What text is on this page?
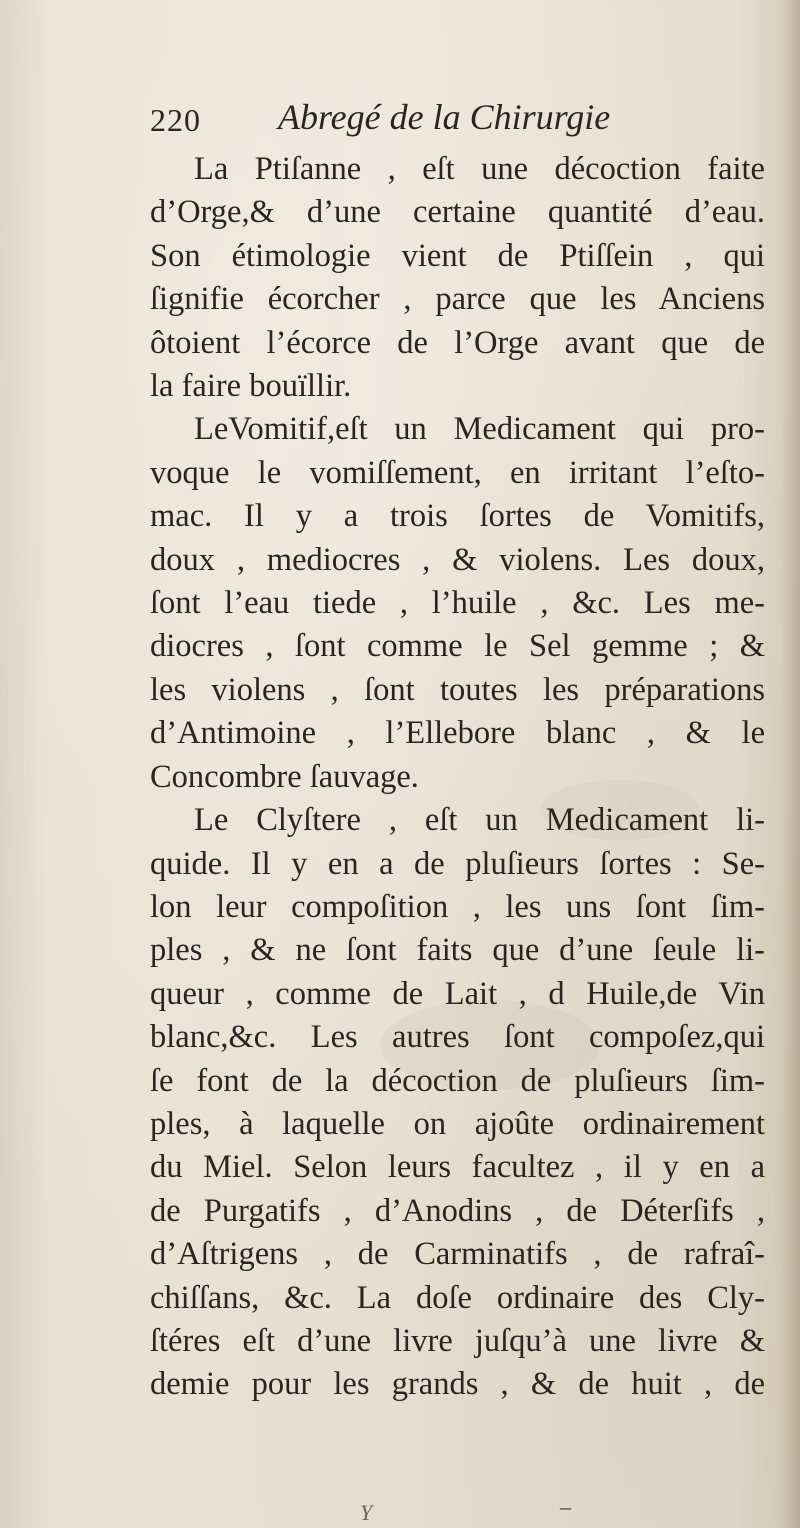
220 Abregé de la Chirurgie
La Ptiſanne , eſt une décoction faite
d’Orge,& d’une certaine quantité d’eau.
Son étimologie vient de Ptiſſein , qui
ſignifie écorcher , parce que les Anciens
ôtoient l’écorce de l’Orge avant que de
la faire bouïllir.
LeVomitif,eſt un Medicament qui pro-
voque le vomiſſement, en irritant l’eſto-
mac. Il y a trois ſortes de Vomitifs,
doux , mediocres , & violens. Les doux,
ſont l’eau tiede , l’huile , &c. Les me-
diocres , ſont comme le Sel gemme ; &
les violens , ſont toutes les préparations
d’Antimoine , l’Ellebore blanc , & le
Concombre ſauvage.
Le Clyſtere , eſt un Medicament li-
quide. Il y en a de pluſieurs ſortes : Se-
lon leur compoſition , les uns ſont ſim-
ples , & ne ſont faits que d’une ſeule li-
queur , comme de Lait , d Huile,de Vin
blanc,&c. Les autres ſont compoſez,qui
ſe font de la décoction de pluſieurs ſim-
ples, à laquelle on ajoûte ordinairement
du Miel. Selon leurs facultez , il y en a
de Purgatifs , d’Anodins , de Déterſifs ,
d’Aſtrigens , de Carminatifs , de rafraî-
chiſſans, &c. La doſe ordinaire des Cly-
ſtéres eſt d’une livre juſqu’à une livre &
demie pour les grands , & de huit , de
Y	–
